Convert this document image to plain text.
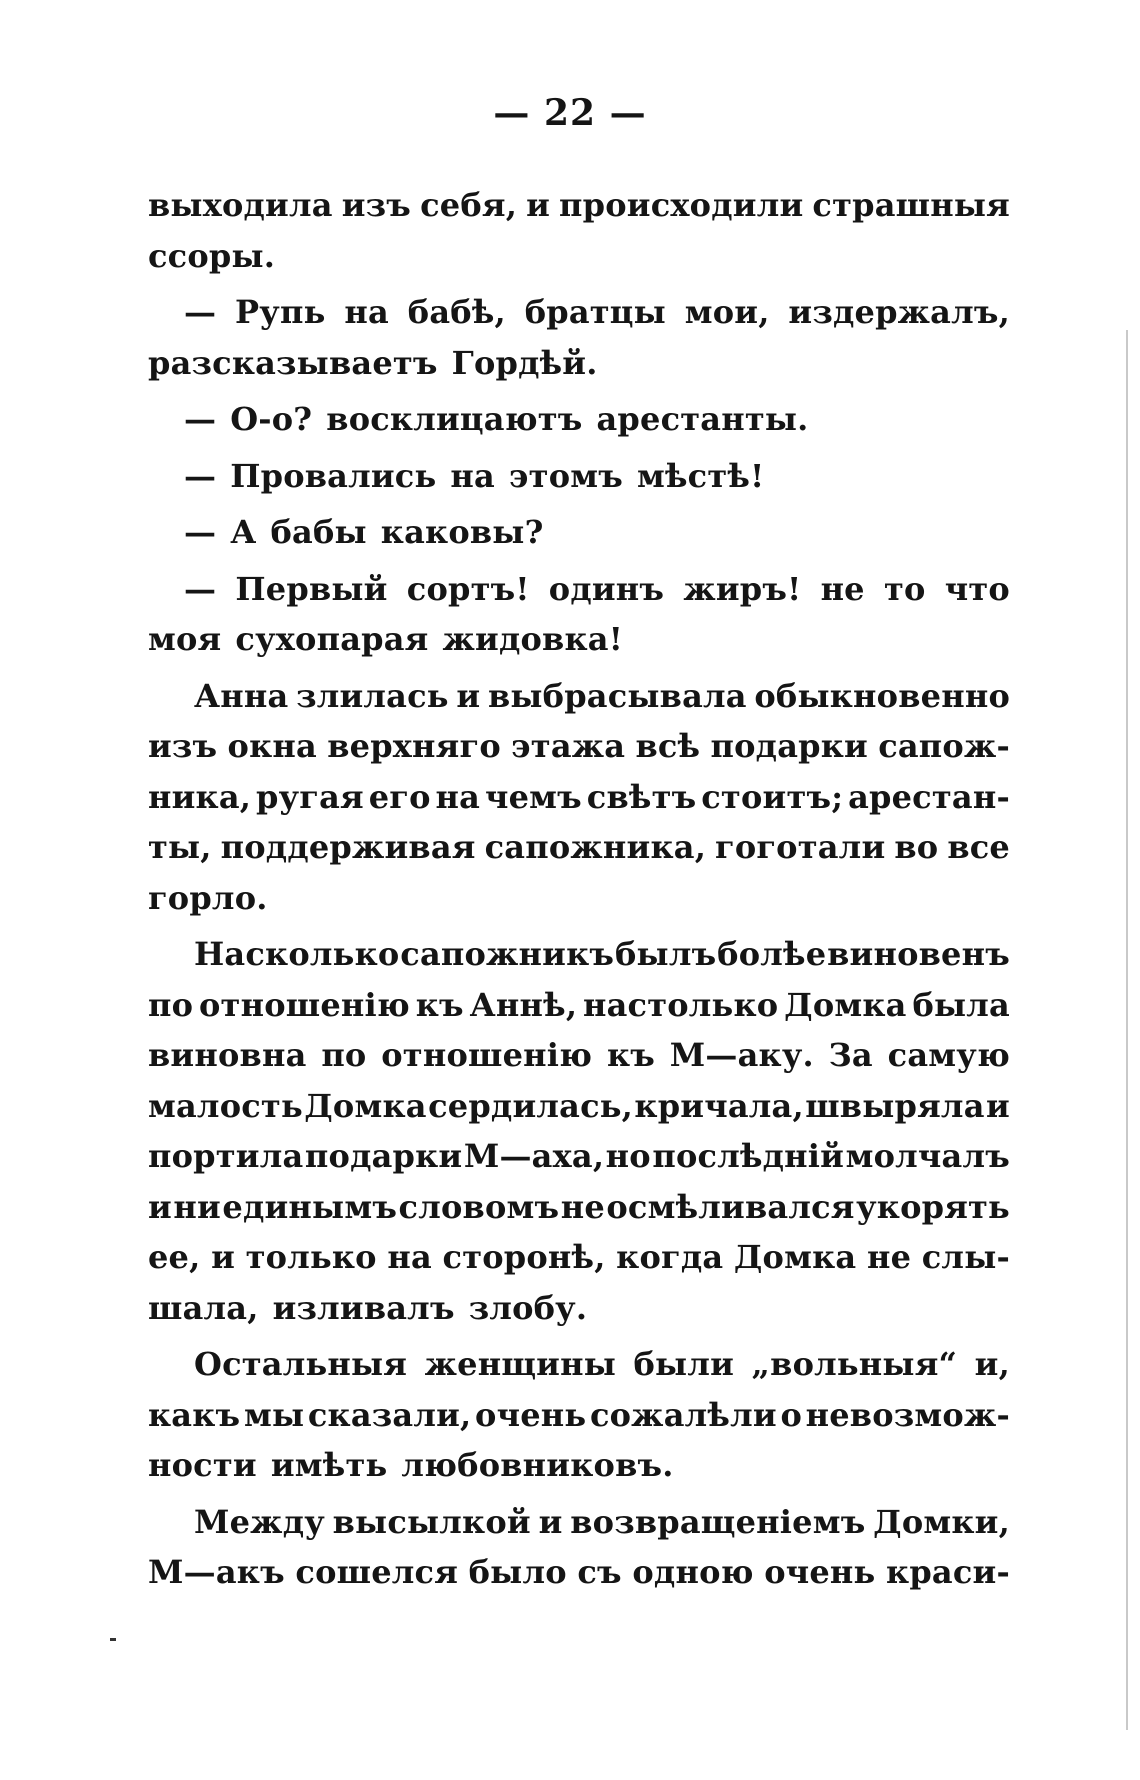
— 22 —
выходила изъ себя, и происходили страшныя
ссоры.
— Рупь на бабѣ, братцы мои, издержалъ,
разсказываетъ Гордѣй.
— О-о? восклицаютъ арестанты.
— Провались на этомъ мѣстѣ!
— А бабы каковы?
— Первый сортъ! одинъ жиръ! не то что
моя сухопарая жидовка!
Анна злилась и выбрасывала обыкновенно
изъ окна верхняго этажа всѣ подарки сапож-
ника, ругая его на чемъ свѣтъ стоитъ; арестан-
ты, поддерживая сапожника, гоготали во все
горло.
Насколько сапожникъ былъ болѣе виновенъ
по отношенію къ Аннѣ, настолько Домка была
виновна по отношенію къ М—аку. За самую
малость Домка сердилась, кричала, швыряла и
портила подарки М—аха, но послѣдній молчалъ
и ни единымъ словомъ не осмѣливался укорять
ее, и только на сторонѣ, когда Домка не слы-
шала, изливалъ злобу.
Остальныя женщины были „вольныя“ и,
какъ мы сказали, очень сожалѣли о невозмож-
ности имѣть любовниковъ.
Между высылкой и возвращеніемъ Домки,
М—акъ сошелся было съ одною очень краси-
